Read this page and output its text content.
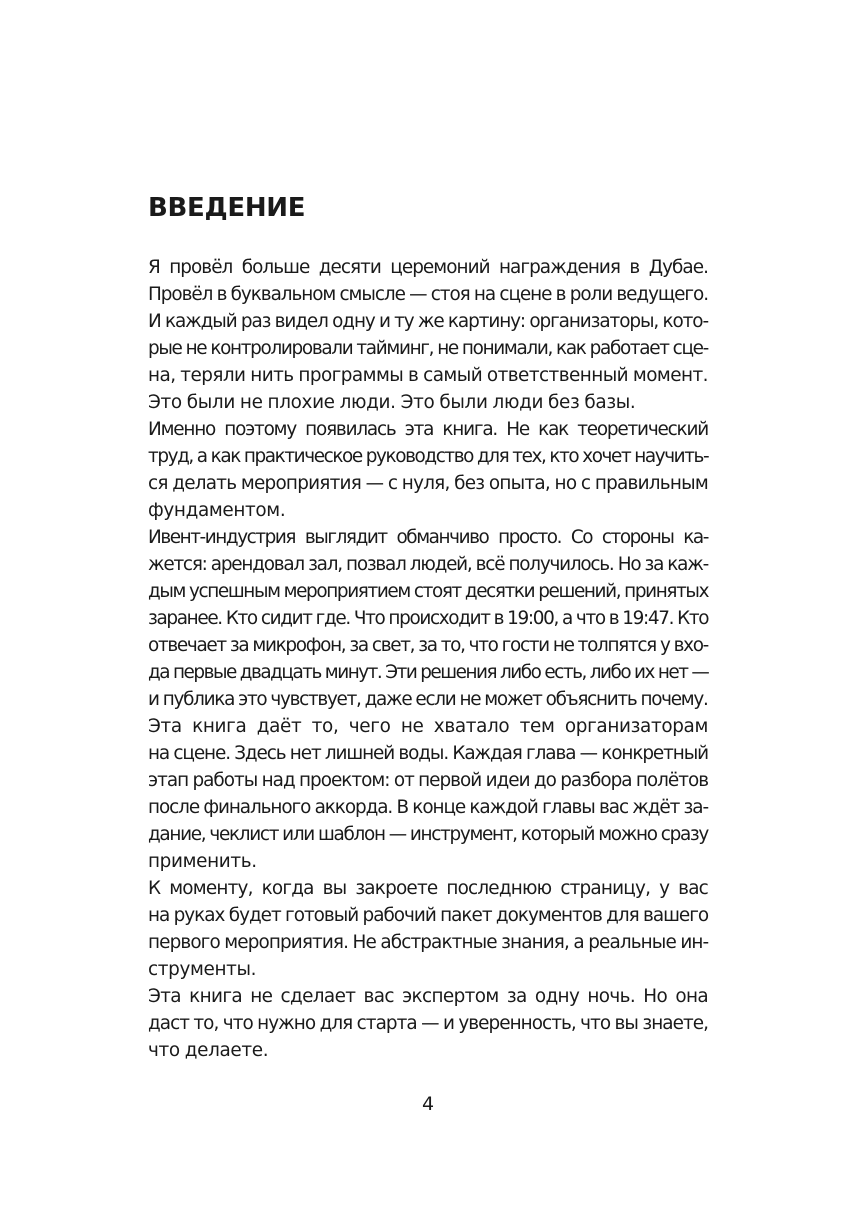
ВВЕДЕНИЕ

Я провёл больше десяти церемоний награждения в Дубае.
Провёл в буквальном смысле — стоя на сцене в роли ведущего.
И каждый раз видел одну и ту же картину: организаторы, кото-
рые не контролировали тайминг, не понимали, как работает сце-
на, теряли нить программы в самый ответственный момент.

Это были не плохие люди. Это были люди без базы.

Именно поэтому появилась эта книга. Не как теоретический
труд, а как практическое руководство для тех, кто хочет научить-
ся делать мероприятия — с нуля, без опыта, но с правильным
фундаментом.

Ивент-индустрия выглядит обманчиво просто. Со стороны ка-
жется: арендовал зал, позвал людей, всё получилось. Но за каж-
дым успешным мероприятием стоят десятки решений, принятых
заранее. Кто сидит где. Что происходит в 19:00, а что в 19:47. Кто
отвечает за микрофон, за свет, за то, что гости не толпятся у вхо-
да первые двадцать минут. Эти решения либо есть, либо их нет —
и публика это чувствует, даже если не может объяснить почему.

Эта книга даёт то, чего не хватало тем организаторам
на сцене. Здесь нет лишней воды. Каждая глава — конкретный
этап работы над проектом: от первой идеи до разбора полётов
после финального аккорда. В конце каждой главы вас ждёт за-
дание, чеклист или шаблон — инструмент, который можно сразу
применить.

К моменту, когда вы закроете последнюю страницу, у вас
на руках будет готовый рабочий пакет документов для вашего
первого мероприятия. Не абстрактные знания, а реальные ин-
струменты.

Эта книга не сделает вас экспертом за одну ночь. Но она
даст то, что нужно для старта — и уверенность, что вы знаете,
что делаете.

4
